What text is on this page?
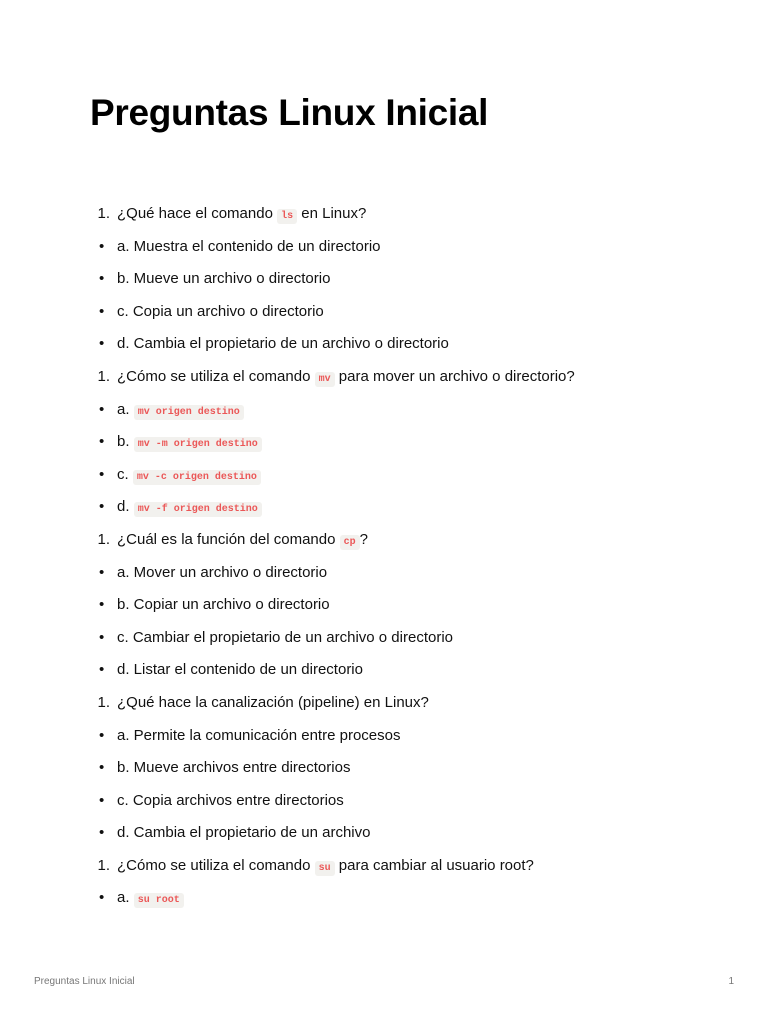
Preguntas Linux Inicial
1. ¿Qué hace el comando ls en Linux?
• a. Muestra el contenido de un directorio
• b. Mueve un archivo o directorio
• c. Copia un archivo o directorio
• d. Cambia el propietario de un archivo o directorio
1. ¿Cómo se utiliza el comando mv para mover un archivo o directorio?
• a. mv origen destino
• b. mv -m origen destino
• c. mv -c origen destino
• d. mv -f origen destino
1. ¿Cuál es la función del comando cp ?
• a. Mover un archivo o directorio
• b. Copiar un archivo o directorio
• c. Cambiar el propietario de un archivo o directorio
• d. Listar el contenido de un directorio
1. ¿Qué hace la canalización (pipeline) en Linux?
• a. Permite la comunicación entre procesos
• b. Mueve archivos entre directorios
• c. Copia archivos entre directorios
• d. Cambia el propietario de un archivo
1. ¿Cómo se utiliza el comando su para cambiar al usuario root?
• a. su root
Preguntas Linux Inicial	1
